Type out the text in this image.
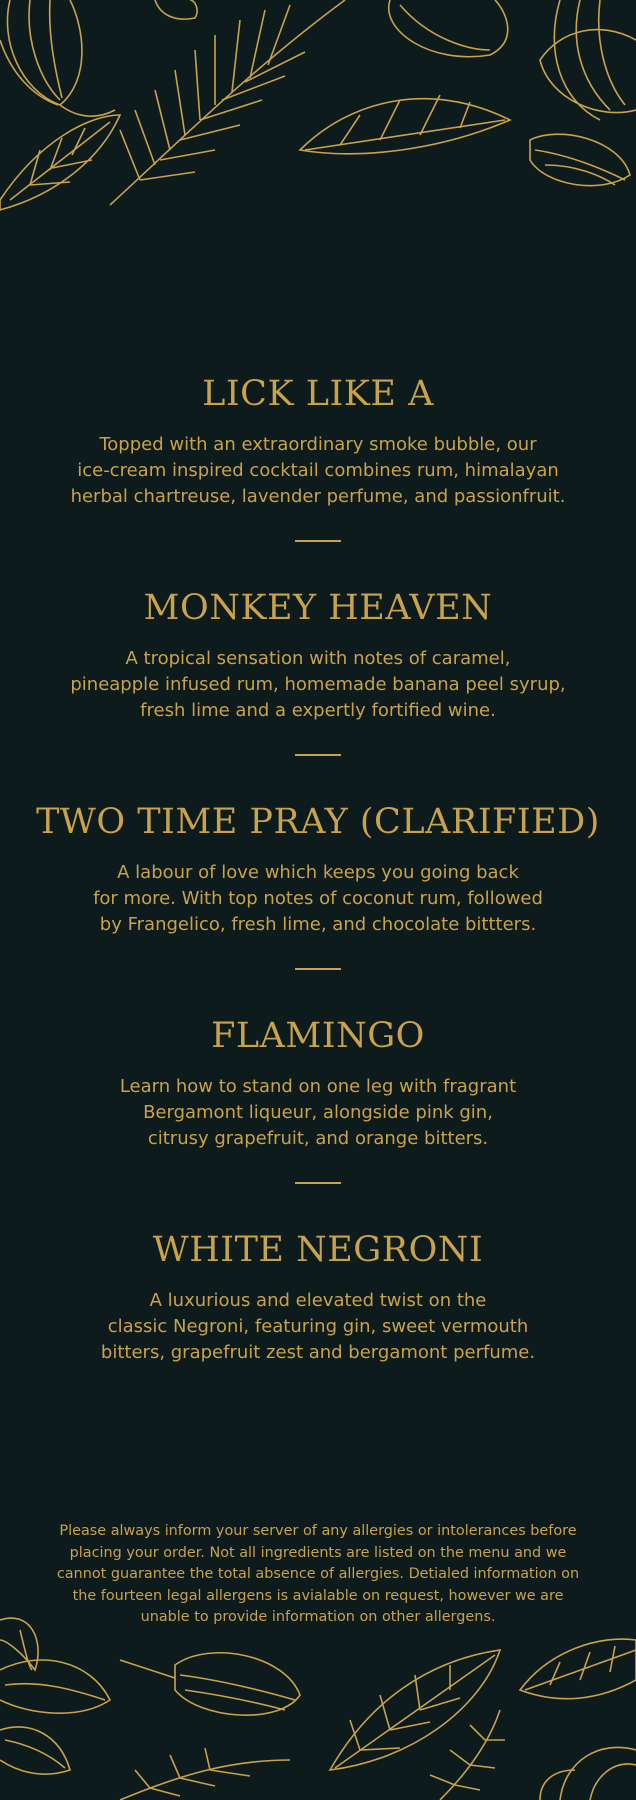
LICK LIKE A
Topped with an extraordinary smoke bubble, our
ice-cream inspired cocktail combines rum, himalayan
herbal chartreuse, lavender perfume, and passionfruit.
MONKEY HEAVEN
A tropical sensation with notes of caramel,
pineapple infused rum, homemade banana peel syrup,
fresh lime and a expertly fortified wine.
TWO TIME PRAY (CLARIFIED)
A labour of love which keeps you going back
for more. With top notes of coconut rum, followed
by Frangelico, fresh lime, and chocolate bittters.
FLAMINGO
Learn how to stand on one leg with fragrant
Bergamont liqueur, alongside pink gin,
citrusy grapefruit, and orange bitters.
WHITE NEGRONI
A luxurious and elevated twist on the
classic Negroni, featuring gin, sweet vermouth
bitters, grapefruit zest and bergamont perfume.
Please always inform your server of any allergies or intolerances before
placing your order. Not all ingredients are listed on the menu and we
cannot guarantee the total absence of allergies. Detialed information on
the fourteen legal allergens is avialable on request, however we are
unable to provide information on other allergens.
